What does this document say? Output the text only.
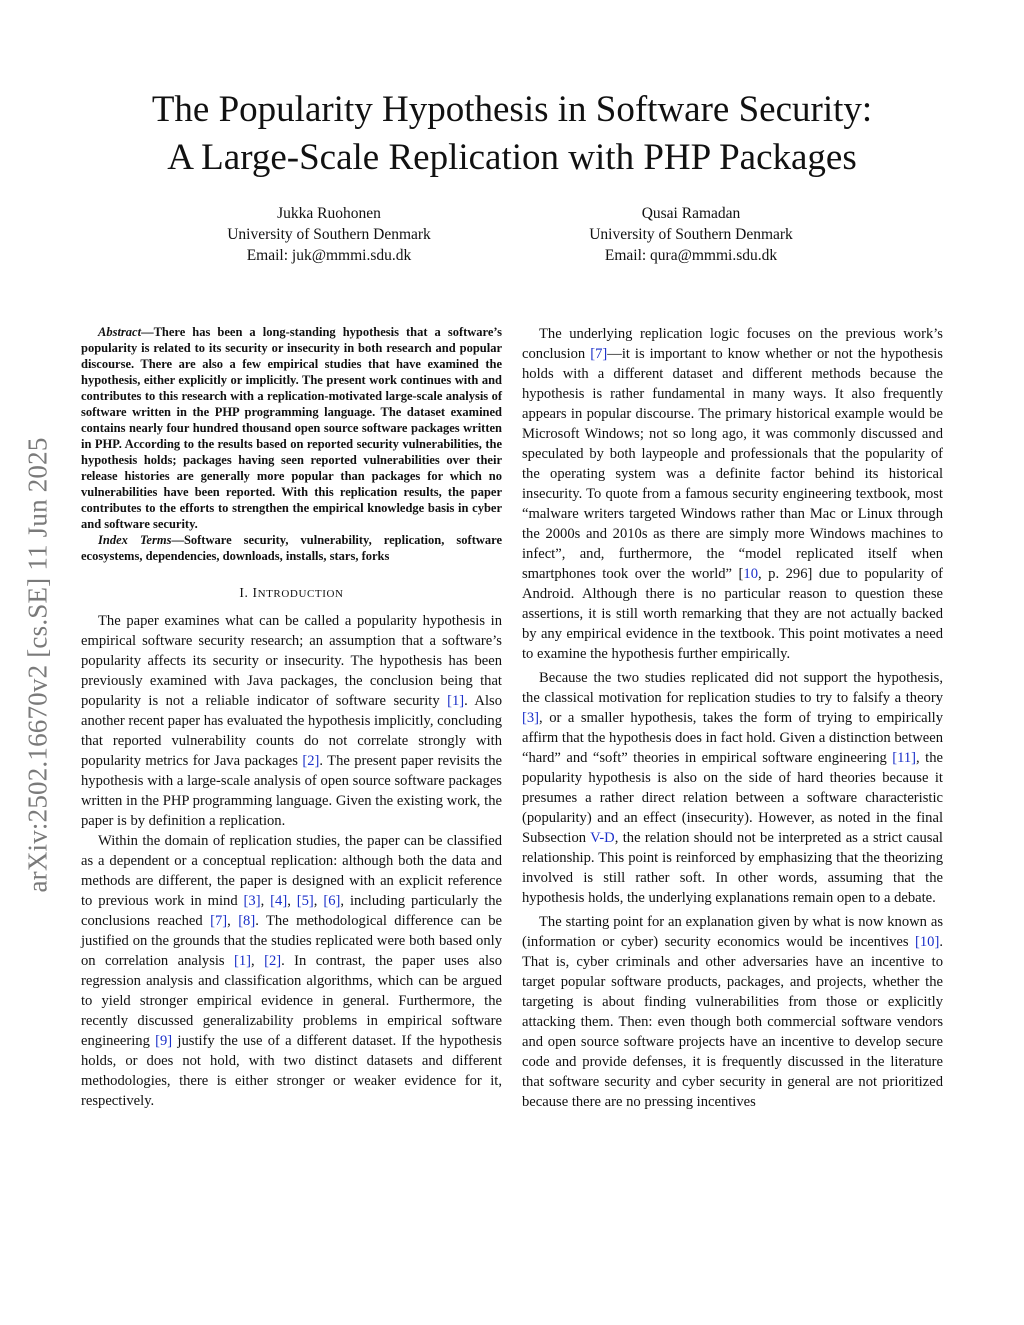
arXiv:2502.16670v2 [cs.SE] 11 Jun 2025
The Popularity Hypothesis in Software Security:
A Large-Scale Replication with PHP Packages
Jukka Ruohonen
University of Southern Denmark
Email: juk@mmmi.sdu.dk
Qusai Ramadan
University of Southern Denmark
Email: qura@mmmi.sdu.dk

Abstract—There has been a long-standing hypothesis that a software’s popularity is related to its security or insecurity in both research and popular discourse. There are also a few empirical studies that have examined the hypothesis, either explicitly or implicitly. The present work continues with and contributes to this research with a replication-motivated large-scale analysis of software written in the PHP programming language. The dataset examined contains nearly four hundred thousand open source software packages written in PHP. According to the results based on reported security vulnerabilities, the hypothesis holds; packages having seen reported vulnerabilities over their release histories are generally more popular than packages for which no vulnerabilities have been reported. With this replication results, the paper contributes to the efforts to strengthen the empirical knowledge basis in cyber and software security.

Index Terms—Software security, vulnerability, replication, software ecosystems, dependencies, downloads, installs, stars, forks

I. INTRODUCTION

The paper examines what can be called a popularity hypothesis in empirical software security research; an assumption that a software’s popularity affects its security or insecurity. The hypothesis has been previously examined with Java packages, the conclusion being that popularity is not a reliable indicator of software security [1]. Also another recent paper has evaluated the hypothesis implicitly, concluding that reported vulnerability counts do not correlate strongly with popularity metrics for Java packages [2]. The present paper revisits the hypothesis with a large-scale analysis of open source software packages written in the PHP programming language. Given the existing work, the paper is by definition a replication.

Within the domain of replication studies, the paper can be classified as a dependent or a conceptual replication: although both the data and methods are different, the paper is designed with an explicit reference to previous work in mind [3], [4], [5], [6], including particularly the conclusions reached [7], [8]. The methodological difference can be justified on the grounds that the studies replicated were both based only on correlation analysis [1], [2]. In contrast, the paper uses also regression analysis and classification algorithms, which can be argued to yield stronger empirical evidence in general. Furthermore, the recently discussed generalizability problems in empirical software engineering [9] justify the use of a different dataset. If the hypothesis holds, or does not hold, with two distinct datasets and different methodologies, there is either stronger or weaker evidence for it, respectively.

The underlying replication logic focuses on the previous work’s conclusion [7]—it is important to know whether or not the hypothesis holds with a different dataset and different methods because the hypothesis is rather fundamental in many ways. It also frequently appears in popular discourse. The primary historical example would be Microsoft Windows; not so long ago, it was commonly discussed and speculated by both laypeople and professionals that the popularity of the operating system was a definite factor behind its historical insecurity. To quote from a famous security engineering textbook, most “malware writers targeted Windows rather than Mac or Linux through the 2000s and 2010s as there are simply more Windows machines to infect”, and, furthermore, the “model replicated itself when smartphones took over the world” [10, p. 296] due to popularity of Android. Although there is no particular reason to question these assertions, it is still worth remarking that they are not actually backed by any empirical evidence in the textbook. This point motivates a need to examine the hypothesis further empirically.

Because the two studies replicated did not support the hypothesis, the classical motivation for replication studies to try to falsify a theory [3], or a smaller hypothesis, takes the form of trying to empirically affirm that the hypothesis does in fact hold. Given a distinction between “hard” and “soft” theories in empirical software engineering [11], the popularity hypothesis is also on the side of hard theories because it presumes a rather direct relation between a software characteristic (popularity) and an effect (insecurity). However, as noted in the final Subsection V-D, the relation should not be interpreted as a strict causal relationship. This point is reinforced by emphasizing that the theorizing involved is still rather soft. In other words, assuming that the hypothesis holds, the underlying explanations remain open to a debate.

The starting point for an explanation given by what is now known as (information or cyber) security economics would be incentives [10]. That is, cyber criminals and other adversaries have an incentive to target popular software products, packages, and projects, whether the targeting is about finding vulnerabilities from those or explicitly attacking them. Then: even though both commercial software vendors and open source software projects have an incentive to develop secure code and provide defenses, it is frequently discussed in the literature that software security and cyber security in general are not prioritized because there are no pressing incentives
